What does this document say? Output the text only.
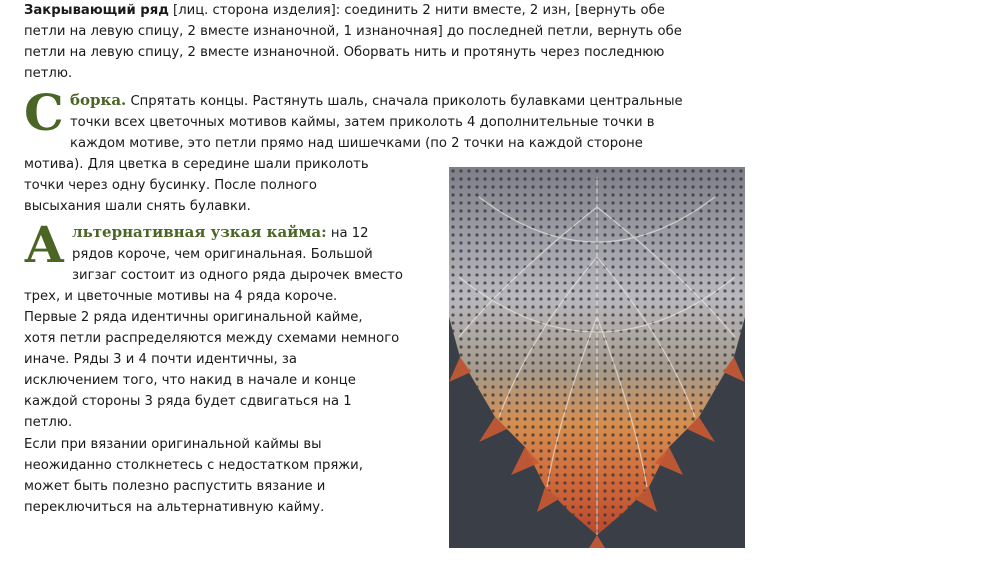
Закрывающий ряд [лиц. сторона изделия]: соединить 2 нити вместе, 2 изн, [вернуть обе
петли на левую спицу, 2 вместе изнаночной, 1 изнаночная] до последней петли, вернуть обе
петли на левую спицу, 2 вместе изнаночной. Оборвать нить и протянуть через последнюю
петлю.
С борка. Спрятать концы. Растянуть шаль, сначала приколоть булавками центральные
точки всех цветочных мотивов каймы, затем приколоть 4 дополнительные точки в
каждом мотиве, это петли прямо над шишечками (по 2 точки на каждой стороне
мотива). Для цветка в середине шали приколоть
точки через одну бусинку. После полного
высыхания шали снять булавки.
А льтернативная узкая кайма: на 12
рядов короче, чем оригинальная. Большой
зигзаг состоит из одного ряда дырочек вместо
трех, и цветочные мотивы на 4 ряда короче.
Первые 2 ряда идентичны оригинальной кайме,
хотя петли распределяются между схемами немного
иначе. Ряды 3 и 4 почти идентичны, за
исключением того, что накид в начале и конце
каждой стороны 3 ряда будет сдвигаться на 1
петлю.
Если при вязании оригинальной каймы вы
неожиданно столкнетесь с недостатком пряжи,
может быть полезно распустить вязание и
переключиться на альтернативную кайму.
